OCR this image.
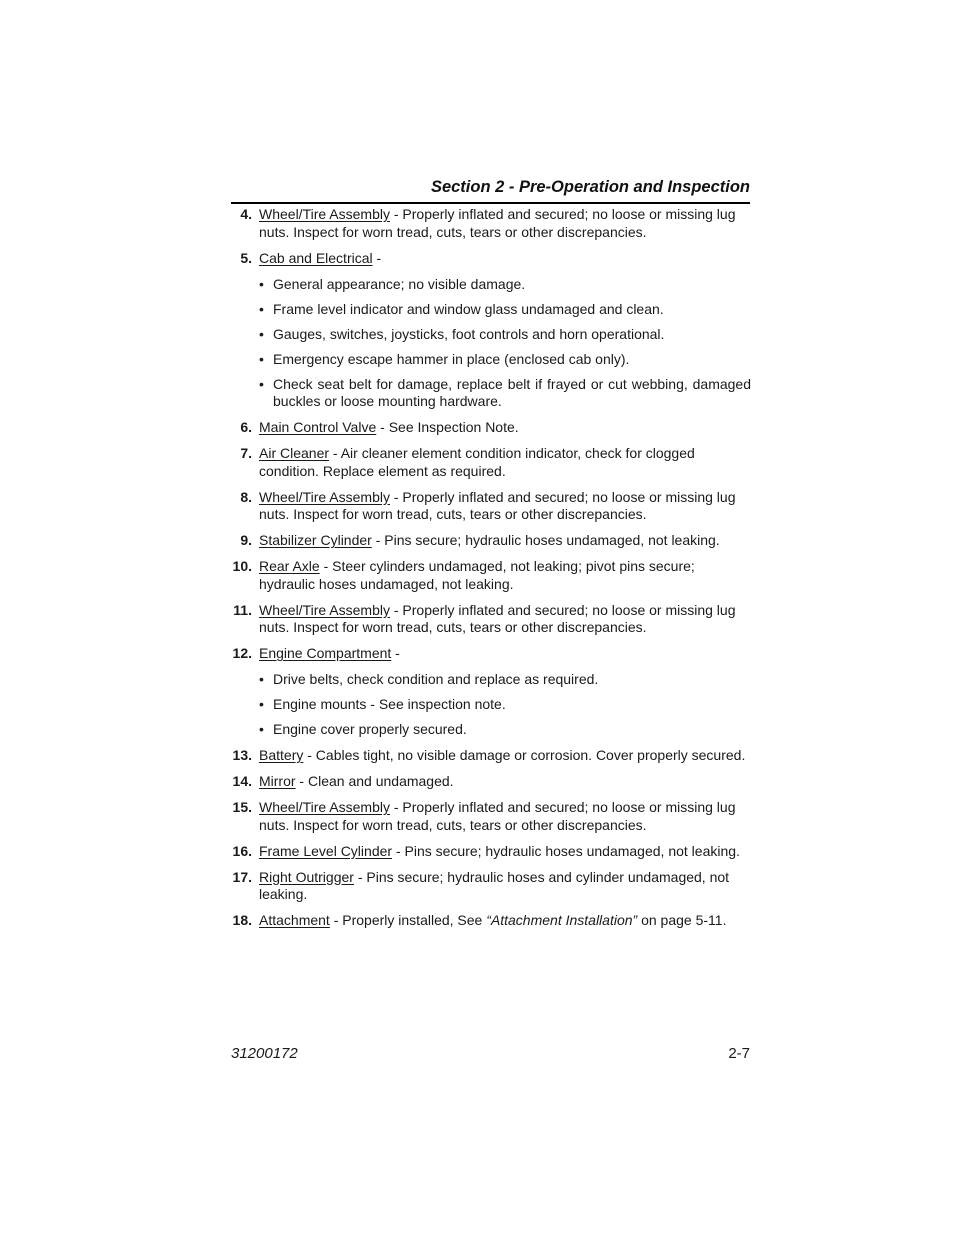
Section 2 - Pre-Operation and Inspection
4. Wheel/Tire Assembly - Properly inflated and secured; no loose or missing lug nuts. Inspect for worn tread, cuts, tears or other discrepancies.
5. Cab and Electrical -
• General appearance; no visible damage.
• Frame level indicator and window glass undamaged and clean.
• Gauges, switches, joysticks, foot controls and horn operational.
• Emergency escape hammer in place (enclosed cab only).
• Check seat belt for damage, replace belt if frayed or cut webbing, damaged buckles or loose mounting hardware.
6. Main Control Valve - See Inspection Note.
7. Air Cleaner - Air cleaner element condition indicator, check for clogged condition. Replace element as required.
8. Wheel/Tire Assembly - Properly inflated and secured; no loose or missing lug nuts. Inspect for worn tread, cuts, tears or other discrepancies.
9. Stabilizer Cylinder - Pins secure; hydraulic hoses undamaged, not leaking.
10. Rear Axle - Steer cylinders undamaged, not leaking; pivot pins secure; hydraulic hoses undamaged, not leaking.
11. Wheel/Tire Assembly - Properly inflated and secured; no loose or missing lug nuts. Inspect for worn tread, cuts, tears or other discrepancies.
12. Engine Compartment -
• Drive belts, check condition and replace as required.
• Engine mounts - See inspection note.
• Engine cover properly secured.
13. Battery - Cables tight, no visible damage or corrosion. Cover properly secured.
14. Mirror - Clean and undamaged.
15. Wheel/Tire Assembly - Properly inflated and secured; no loose or missing lug nuts. Inspect for worn tread, cuts, tears or other discrepancies.
16. Frame Level Cylinder - Pins secure; hydraulic hoses undamaged, not leaking.
17. Right Outrigger - Pins secure; hydraulic hoses and cylinder undamaged, not leaking.
18. Attachment - Properly installed, See “Attachment Installation” on page 5-11.
31200172	2-7
